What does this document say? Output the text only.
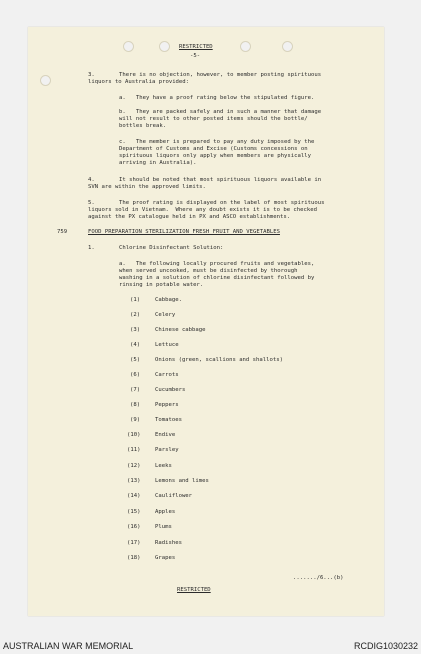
RESTRICTED
-5-
3.	There is no objection, however, to member posting spirituous
liquors to Australia provided:
a.   They have a proof rating below the stipulated figure.
b.   They are packed safely and in such a manner that damage
will not result to other posted items should the bottle/
bottles break.
c.   The member is prepared to pay any duty imposed by the
Department of Customs and Excise (Customs concessions on
spirituous liquors only apply when members are physically
arriving in Australia).
4.	It should be noted that most spirituous liquors available in
SVN are within the approved limits.
5.	The proof rating is displayed on the label of most spirituous
liquors sold in Vietnam.  Where any doubt exists it is to be checked
against the PX catalogue held in PX and ASCO establishments.
759	FOOD PREPARATION STERILIZATION FRESH FRUIT AND VEGETABLES
1.	Chlorine Disinfectant Solution:
a.   The following locally procured fruits and vegetables,
when served uncooked, must be disinfected by thorough
washing in a solution of chlorine disinfectant followed by
rinsing in potable water.
(1)	Cabbage.
(2)	Celery
(3)	Chinese cabbage
(4)	Lettuce
(5)	Onions (green, scallions and shallots)
(6)	Carrots
(7)	Cucumbers
(8)	Peppers
(9)	Tomatoes
(10)	Endive
(11)	Parsley
(12)	Leeks
(13)	Lemons and limes
(14)	Cauliflower
(15)	Apples
(16)	Plums
(17)	Radishes
(18)	Grapes
......./6...(b)
RESTRICTED
AUSTRALIAN WAR MEMORIAL	RCDIG1030232
